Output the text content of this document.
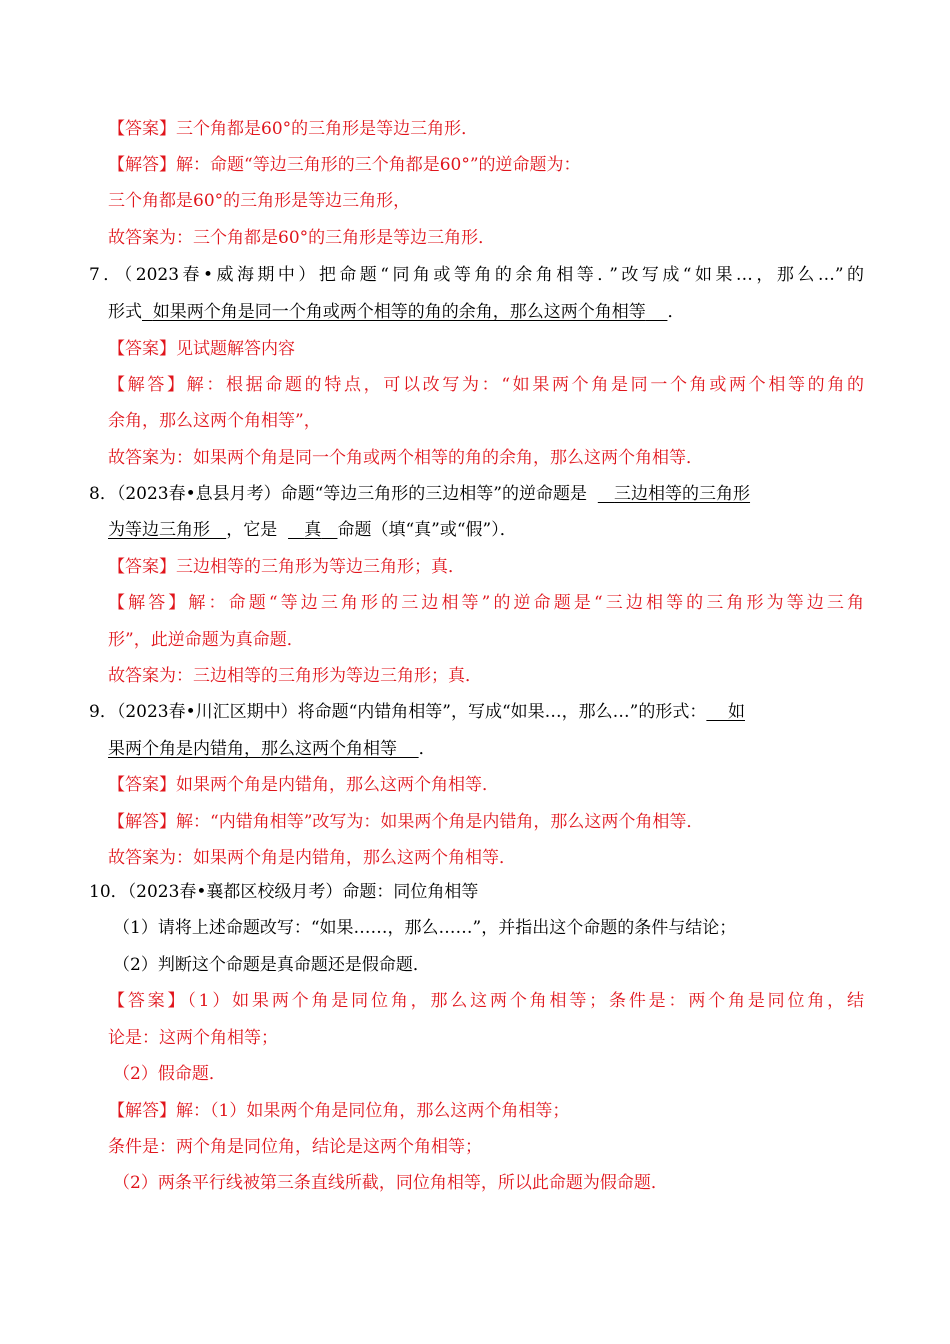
【答案】三个角都是60°的三角形是等边三角形．
【解答】解：命题“等边三角形的三个角都是60°”的逆命题为：
三个角都是60°的三角形是等边三角形，
故答案为：三个角都是60°的三角形是等边三角形．
7．（2023春•威海期中）把命题“同角或等角的余角相等．”改写成“如果…，那么…”的
形式 如果两个角是同一个角或两个相等的角的余角，那么这两个角相等 ．
【答案】见试题解答内容
【解答】解：根据命题的特点，可以改写为：“如果两个角是同一个角或两个相等的角的
余角，那么这两个角相等”，
故答案为：如果两个角是同一个角或两个相等的角的余角，那么这两个角相等．
8．（2023春•息县月考）命题“等边三角形的三边相等”的逆命题是 三边相等的三角形
为等边三角形 ，它是 真 命题（填“真”或“假”）．
【答案】三边相等的三角形为等边三角形；真．
【解答】解：命题“等边三角形的三边相等”的逆命题是“三边相等的三角形为等边三角
形”，此逆命题为真命题．
故答案为：三边相等的三角形为等边三角形；真．
9．（2023春•川汇区期中）将命题“内错角相等”，写成“如果…，那么…”的形式： 如
果两个角是内错角，那么这两个角相等 ．
【答案】如果两个角是内错角，那么这两个角相等．
【解答】解：“内错角相等”改写为：如果两个角是内错角，那么这两个角相等．
故答案为：如果两个角是内错角，那么这两个角相等．
10．（2023春•襄都区校级月考）命题：同位角相等
（1）请将上述命题改写：“如果……，那么……”，并指出这个命题的条件与结论；
（2）判断这个命题是真命题还是假命题．
【答案】（1）如果两个角是同位角，那么这两个角相等；条件是：两个角是同位角，结
论是：这两个角相等；
（2）假命题．
【解答】解：（1）如果两个角是同位角，那么这两个角相等；
条件是：两个角是同位角，结论是这两个角相等；
（2）两条平行线被第三条直线所截，同位角相等，所以此命题为假命题．
